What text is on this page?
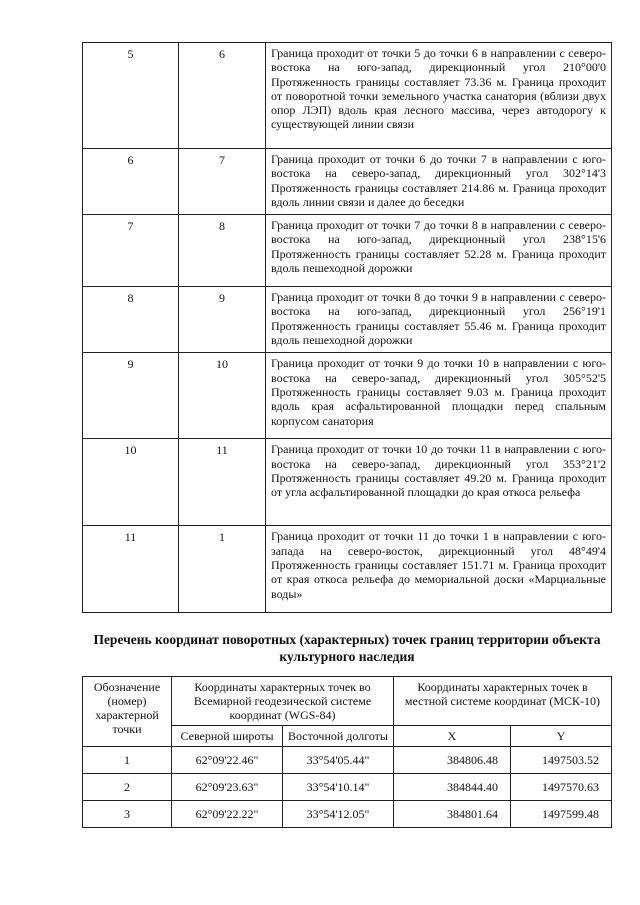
5	6	Граница проходит от точки 5 до точки 6 в направлении с северо-востока на юго-запад, дирекционный угол 210°00'0 Протяженность границы составляет 73.36 м. Граница проходит от поворотной точки земельного участка санатория (вблизи двух опор ЛЭП) вдоль края лесного массива, через автодорогу к существующей линии связи
6	7	Граница проходит от точки 6 до точки 7 в направлении с юго-востока на северо-запад, дирекционный угол 302°14'3 Протяженность границы составляет 214.86 м. Граница проходит вдоль линии связи и далее до беседки
7	8	Граница проходит от точки 7 до точки 8 в направлении с северо-востока на юго-запад, дирекционный угол 238°15'6 Протяженность границы составляет 52.28 м. Граница проходит вдоль пешеходной дорожки
8	9	Граница проходит от точки 8 до точки 9 в направлении с северо-востока на юго-запад, дирекционный угол 256°19'1 Протяженность границы составляет 55.46 м. Граница проходит вдоль пешеходной дорожки
9	10	Граница проходит от точки 9 до точки 10 в направлении с юго-востока на северо-запад, дирекционный угол 305°52'5 Протяженность границы составляет 9.03 м. Граница проходит вдоль края асфальтированной площадки перед спальным корпусом санатория
10	11	Граница проходит от точки 10 до точки 11 в направлении с юго-востока на северо-запад, дирекционный угол 353°21'2 Протяженность границы составляет 49.20 м. Граница проходит от угла асфальтированной площадки до края откоса рельефа
11	1	Граница проходит от точки 11 до точки 1 в направлении с юго-запада на северо-восток, дирекционный угол 48°49'4 Протяженность границы составляет 151.71 м. Граница проходит от края откоса рельефа до мемориальной доски «Марциальные воды»
Перечень координат поворотных (характерных) точек границ территории объекта культурного наследия
Обозначение (номер) характерной точки	Координаты характерных точек во Всемирной геодезической системе координат (WGS-84)		Координаты характерных точек в местной системе координат (МСК-10)	
	Северной широты	Восточной долготы	X	Y
1	62°09'22.46"	33°54'05.44"	384806.48	1497503.52
2	62°09'23.63"	33°54'10.14"	384844.40	1497570.63
3	62°09'22.22"	33°54'12.05"	384801.64	1497599.48
